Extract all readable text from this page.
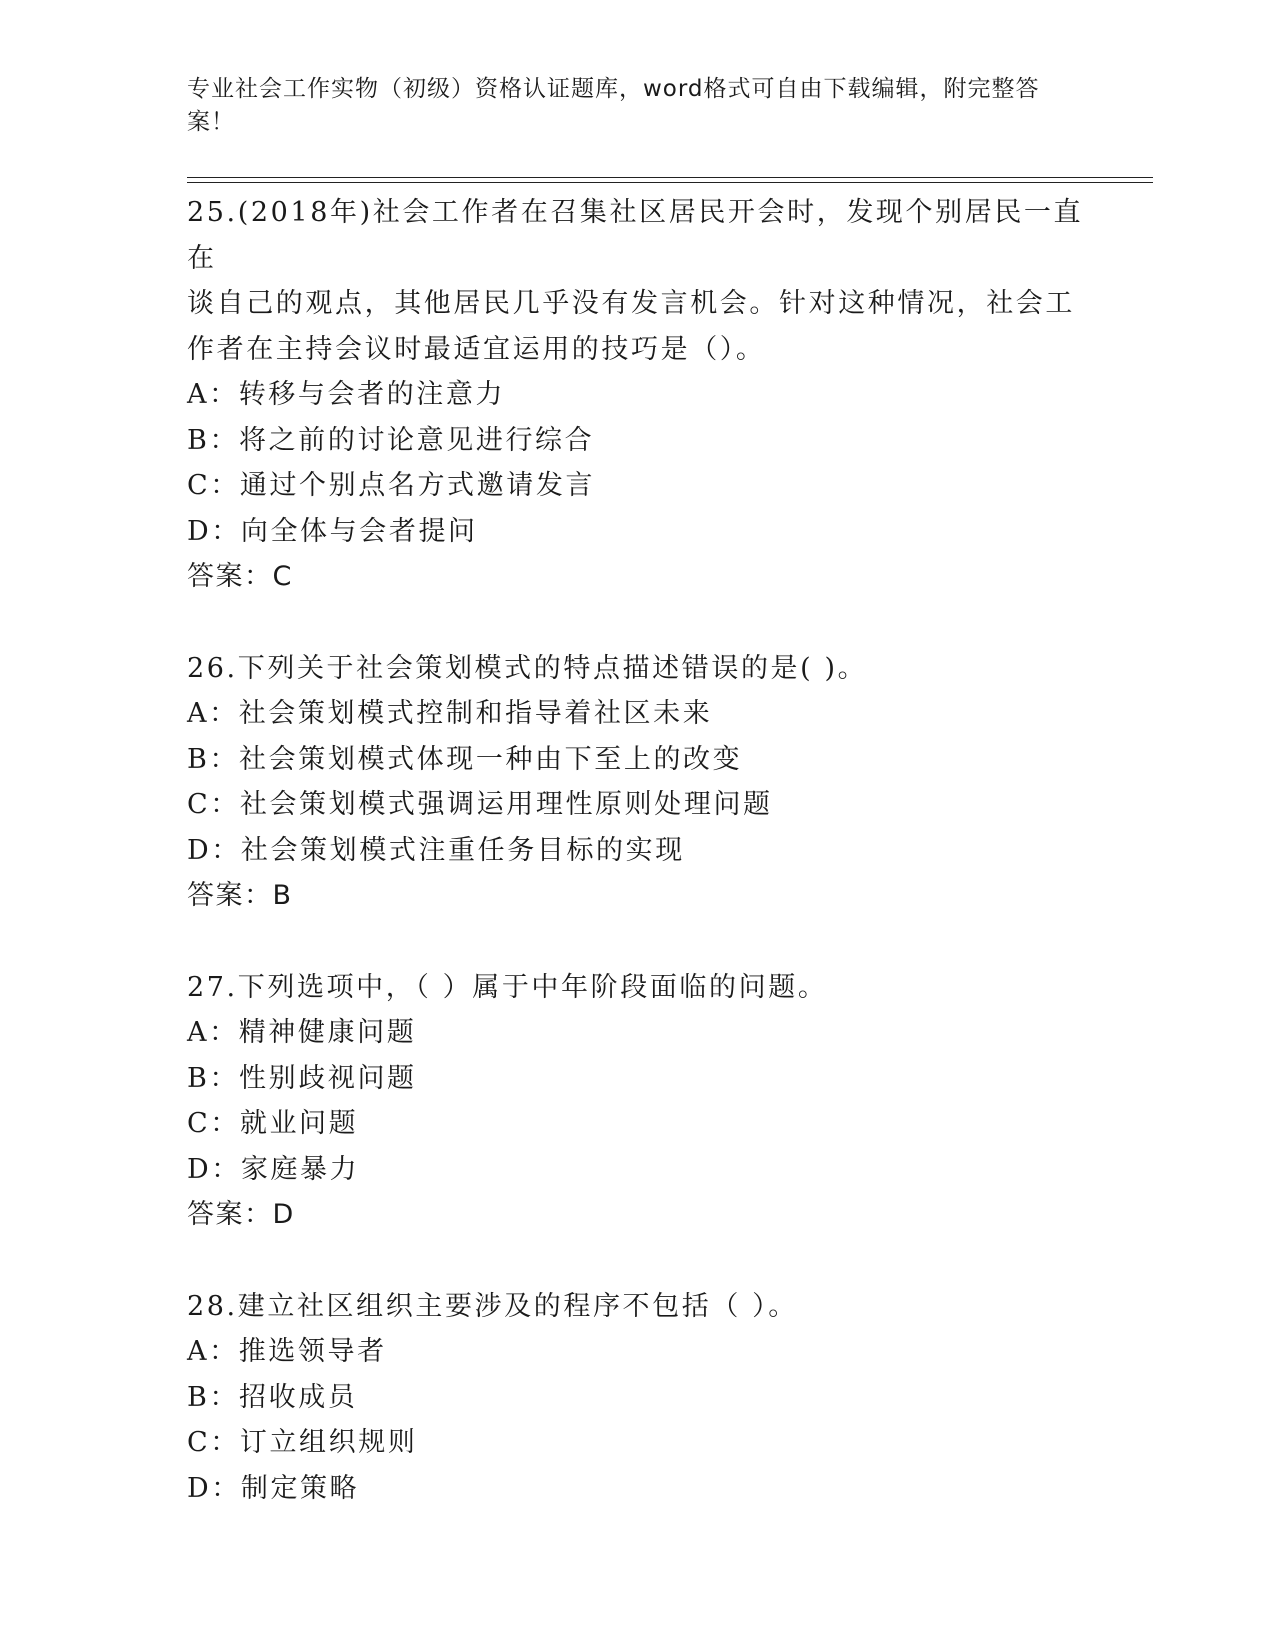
专业社会工作实物（初级）资格认证题库，word格式可自由下载编辑，附完整答案！

25.(2018年)社会工作者在召集社区居民开会时，发现个别居民一直在

谈自己的观点，其他居民几乎没有发言机会。针对这种情况，社会工

作者在主持会议时最适宜运用的技巧是（）。

A：转移与会者的注意力

B：将之前的讨论意见进行综合

C：通过个别点名方式邀请发言

D：向全体与会者提问

答案：C

26.下列关于社会策划模式的特点描述错误的是( )。

A：社会策划模式控制和指导着社区未来

B：社会策划模式体现一种由下至上的改变

C：社会策划模式强调运用理性原则处理问题

D：社会策划模式注重任务目标的实现

答案：B

27.下列选项中，（ ）属于中年阶段面临的问题。

A：精神健康问题

B：性别歧视问题

C：就业问题

D：家庭暴力

答案：D

28.建立社区组织主要涉及的程序不包括（ ）。

A：推选领导者

B：招收成员

C：订立组织规则

D：制定策略
